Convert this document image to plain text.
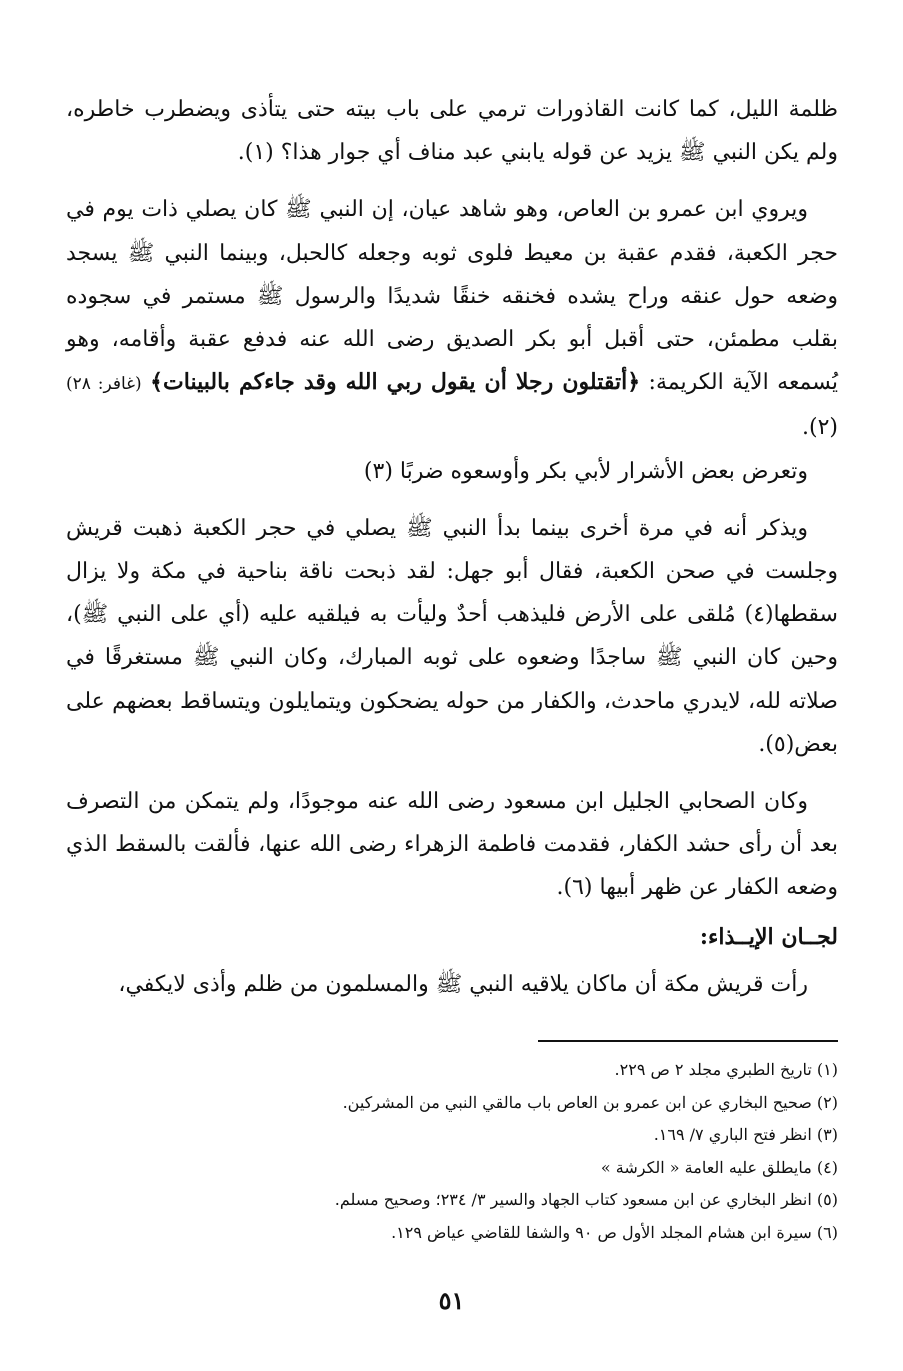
ظلمة الليل، كما كانت القاذورات ترمي على باب بيته حتى يتأذى ويضطرب خاطره، ولم يكن النبي ﷺ يزيد عن قوله يابني عبد مناف أي جوار هذا؟ (١).

ويروي ابن عمرو بن العاص، وهو شاهد عيان، إن النبي ﷺ كان يصلي ذات يوم في حجر الكعبة، فقدم عقبة بن معيط فلوى ثوبه وجعله كالحبل، وبينما النبي ﷺ يسجد وضعه حول عنقه وراح يشده فخنقه خنقًا شديدًا والرسول ﷺ مستمر في سجوده بقلب مطمئن، حتى أقبل أبو بكر الصديق رضى الله عنه فدفع عقبة وأقامه، وهو يُسمعه الآية الكريمة: ﴿أتقتلون رجلا أن يقول ربي الله وقد جاءكم بالبينات﴾ (غافر: ٢٨) (٢).

وتعرض بعض الأشرار لأبي بكر وأوسعوه ضربًا (٣)

ويذكر أنه في مرة أخرى بينما بدأ النبي ﷺ يصلي في حجر الكعبة ذهبت قريش وجلست في صحن الكعبة، فقال أبو جهل: لقد ذبحت ناقة بناحية في مكة ولا يزال سقطها(٤) مُلقى على الأرض فليذهب أحدٌ وليأت به فيلقيه عليه (أي على النبي ﷺ)، وحين كان النبي ﷺ ساجدًا وضعوه على ثوبه المبارك، وكان النبي ﷺ مستغرقًا في صلاته لله، لايدري ماحدث، والكفار من حوله يضحكون ويتمايلون ويتساقط بعضهم على بعض(٥).

وكان الصحابي الجليل ابن مسعود رضى الله عنه موجودًا، ولم يتمكن من التصرف بعد أن رأى حشد الكفار، فقدمت فاطمة الزهراء رضى الله عنها، فألقت بالسقط الذي وضعه الكفار عن ظهر أبيها (٦).

لجــان الإيــذاء:

رأت قريش مكة أن ماكان يلاقيه النبي ﷺ والمسلمون من ظلم وأذى لايكفي،

(١) تاريخ الطبري مجلد ٢ ص ٢٢٩.

(٢) صحيح البخاري عن ابن عمرو بن العاص باب مالقي النبي من المشركين.

(٣) انظر فتح الباري ٧/ ١٦٩.

(٤) مايطلق عليه العامة « الكرشة »

(٥) انظر البخاري عن ابن مسعود كتاب الجهاد والسير ٣/ ٢٣٤؛ وصحيح مسلم.

(٦) سيرة ابن هشام المجلد الأول ص ٩٠ والشفا للقاضي عياض ١٢٩.

٥١
